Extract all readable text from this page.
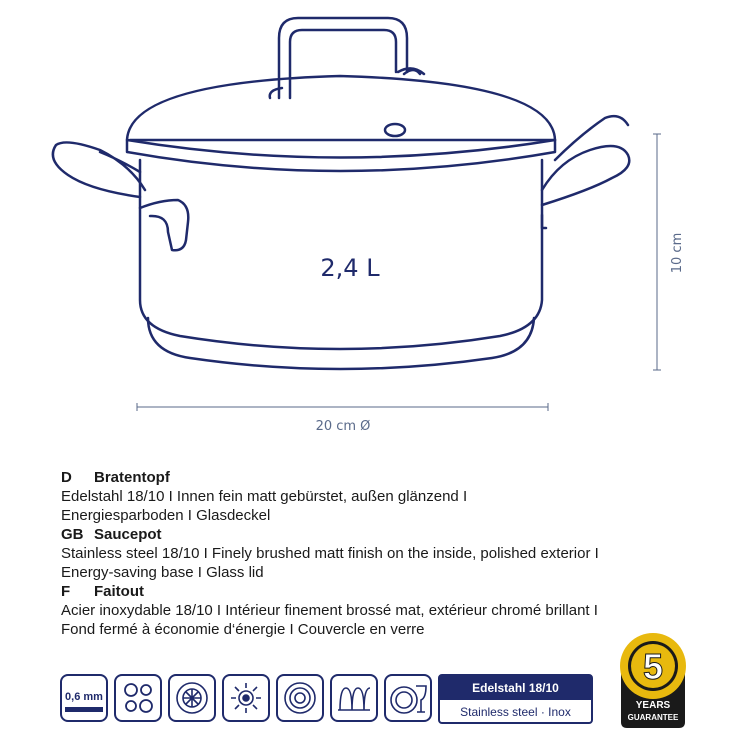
2,4 L	10 cm
20 cm Ø
D	Bratentopf
Edelstahl 18/10 I Innen fein matt gebürstet, außen glänzend I
Energiesparboden I Glasdeckel
GB Saucepot
Stainless steel 18/10 I Finely brushed matt finish on the inside, polished exterior I
Energy-saving base I Glass lid
F	Faitout
Acier inoxydable 18/10 I Intérieur finement brossé mat, extérieur chromé brillant I
Fond fermé à économie d‘énergie I Couvercle en verre
0,6 mm
Edelstahl 18/10
Stainless steel · Inox
5
YEARS
GUARANTEE
